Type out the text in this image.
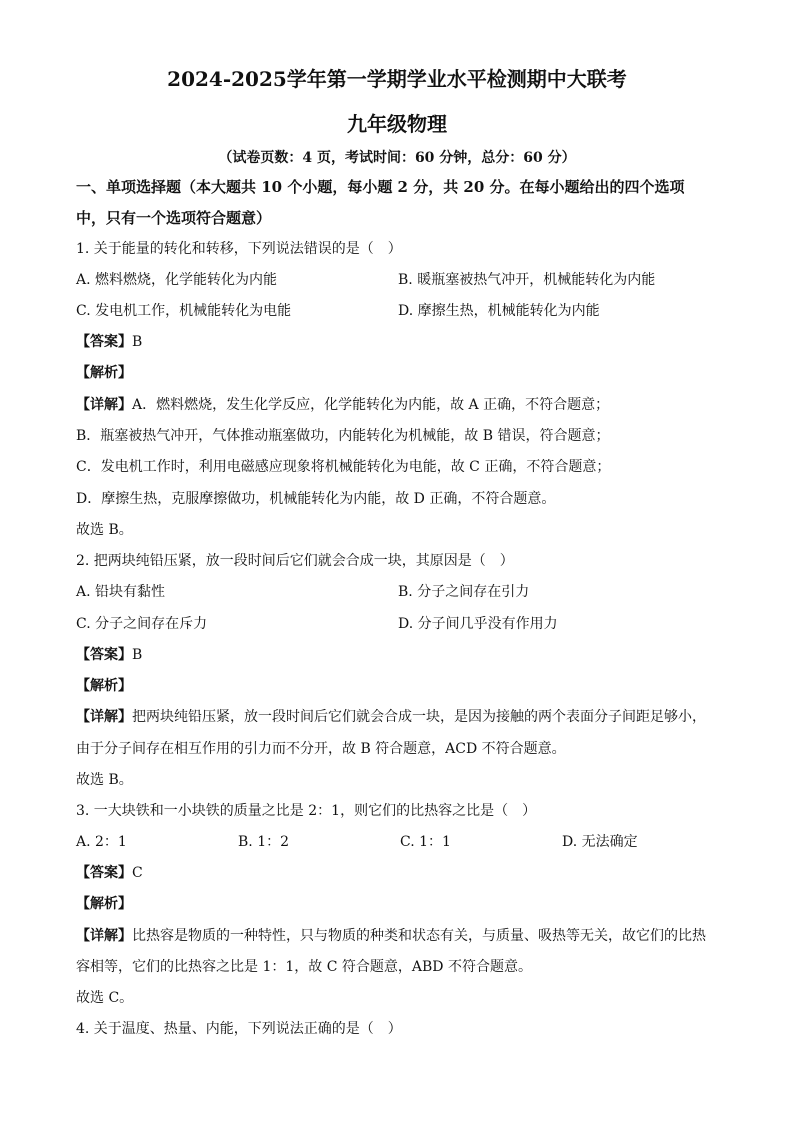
2024-2025学年第一学期学业水平检测期中大联考
九年级物理
（试卷页数：4 页，考试时间：60 分钟，总分：60 分）
一、单项选择题（本大题共 10 个小题，每小题 2 分，共 20 分。在每小题给出的四个选项
中，只有一个选项符合题意）
1. 关于能量的转化和转移，下列说法错误的是（　）
A. 燃料燃烧，化学能转化为内能	B. 暖瓶塞被热气冲开，机械能转化为内能
C. 发电机工作，机械能转化为电能	D. 摩擦生热，机械能转化为内能
【答案】B
【解析】
【详解】A．燃料燃烧，发生化学反应，化学能转化为内能，故 A 正确，不符合题意；
B．瓶塞被热气冲开，气体推动瓶塞做功，内能转化为机械能，故 B 错误，符合题意；
C．发电机工作时，利用电磁感应现象将机械能转化为电能，故 C 正确，不符合题意；
D．摩擦生热，克服摩擦做功，机械能转化为内能，故 D 正确，不符合题意。
故选 B。
2. 把两块纯铅压紧，放一段时间后它们就会合成一块，其原因是（　）
A. 铅块有黏性	B. 分子之间存在引力
C. 分子之间存在斥力	D. 分子间几乎没有作用力
【答案】B
【解析】
【详解】把两块纯铅压紧，放一段时间后它们就会合成一块，是因为接触的两个表面分子间距足够小，
由于分子间存在相互作用的引力而不分开，故 B 符合题意，ACD 不符合题意。
故选 B。
3. 一大块铁和一小块铁的质量之比是 2：1，则它们的比热容之比是（　）
A. 2：1	B. 1：2	C. 1：1	D. 无法确定
【答案】C
【解析】
【详解】比热容是物质的一种特性，只与物质的种类和状态有关，与质量、吸热等无关，故它们的比热
容相等，它们的比热容之比是 1：1，故 C 符合题意，ABD 不符合题意。
故选 C。
4. 关于温度、热量、内能，下列说法正确的是（　）
